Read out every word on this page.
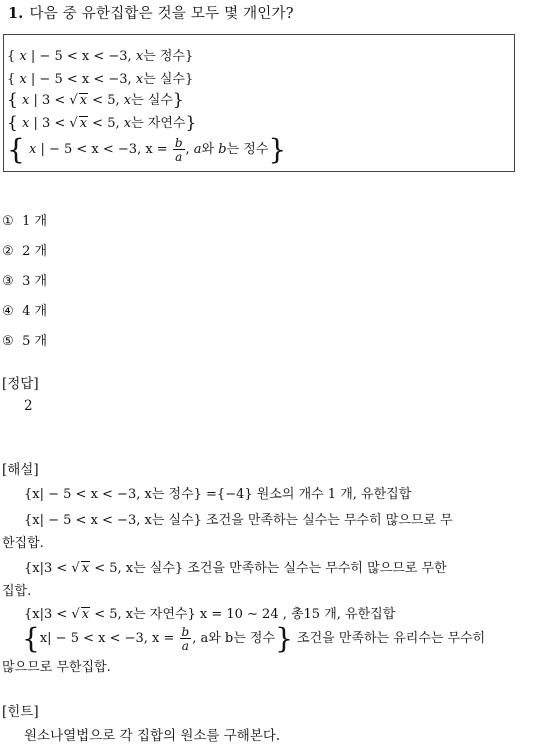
1. 다음 중 유한집합은 것을 모두 몇 개인가?
{ x | − 5 < x < −3, x는 정수}
{ x | − 5 < x < −3, x는 실수}
{ x | 3 < √ x < 5, x는 실수}
{ x | 3 < √ x < 5, x는 자연수}
{ x | − 5 < x < −3, $x = \frac{b}{a}$ , a와 b는 정수}
① 1 개
② 2 개
③ 3 개
④ 4 개
⑤ 5 개
[정답]
2
[해설]
{x| − 5 < x < −3, x는 정수} ={−4} 원소의 개수 1 개, 유한집합
{x| − 5 < x < −3, x는 실수} 조건을 만족하는 실수는 무수히 많으므로 무
한집합.
{x|3 < √ x < 5, x는 실수} 조건을 만족하는 실수는 무수히 많으므로 무한
집합.
{x|3 < √ x < 5, x는 자연수} x = 10 ∼ 24 , 총15 개, 유한집합
{x| − 5 < x < −3, $x = \frac{b}{a}$ , a와 b는 정수} 조건을 만족하는 유리수는 무수히
많으므로 무한집합.
[힌트]
원소나열법으로 각 집합의 원소를 구해본다.
